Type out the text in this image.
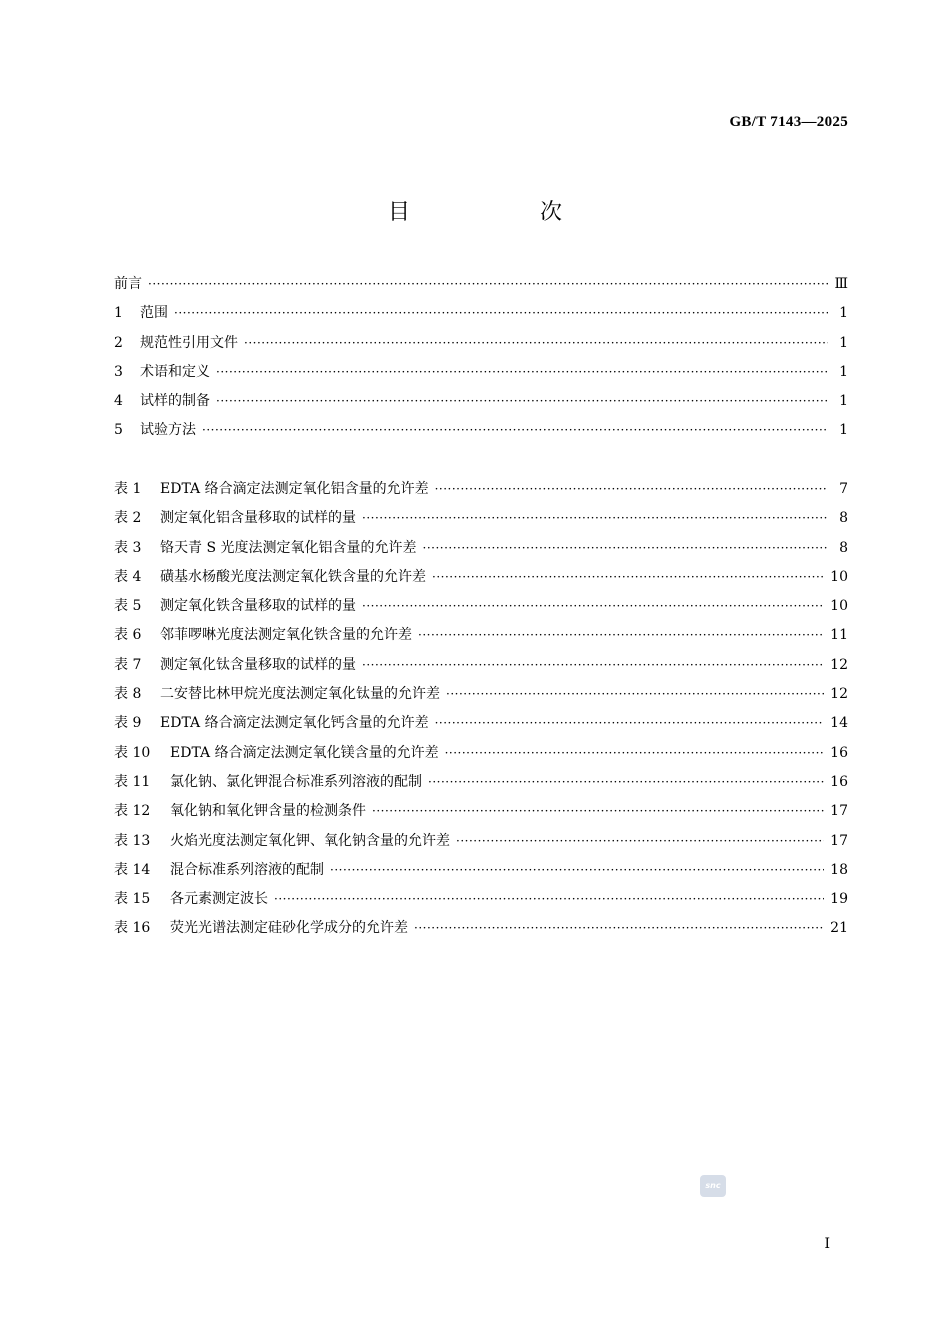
GB/T 7143—2025
目　次
前言 ·····	Ⅲ
1	范围 ·····	1
2	规范性引用文件 ·····	1
3	术语和定义 ·····	1
4	试样的制备 ·····	1
5	试验方法 ·····	1
表 1	EDTA 络合滴定法测定氧化铝含量的允许差 ·····	7
表 2	测定氧化铝含量移取的试样的量 ·····	8
表 3	铬天青 S 光度法测定氧化铝含量的允许差 ·····	8
表 4	磺基水杨酸光度法测定氧化铁含量的允许差 ·····	10
表 5	测定氧化铁含量移取的试样的量 ·····	10
表 6	邻菲啰啉光度法测定氧化铁含量的允许差 ·····	11
表 7	测定氧化钛含量移取的试样的量 ·····	12
表 8	二安替比林甲烷光度法测定氧化钛量的允许差 ·····	12
表 9	EDTA 络合滴定法测定氧化钙含量的允许差 ·····	14
表 10	EDTA 络合滴定法测定氧化镁含量的允许差 ·····	16
表 11	氯化钠、氯化钾混合标准系列溶液的配制 ·····	16
表 12	氧化钠和氧化钾含量的检测条件 ·····	17
表 13	火焰光度法测定氧化钾、氧化钠含量的允许差 ·····	17
表 14	混合标准系列溶液的配制 ·····	18
表 15	各元素测定波长 ·····	19
表 16	荧光光谱法测定硅砂化学成分的允许差 ·····	21
snc
Ⅰ
